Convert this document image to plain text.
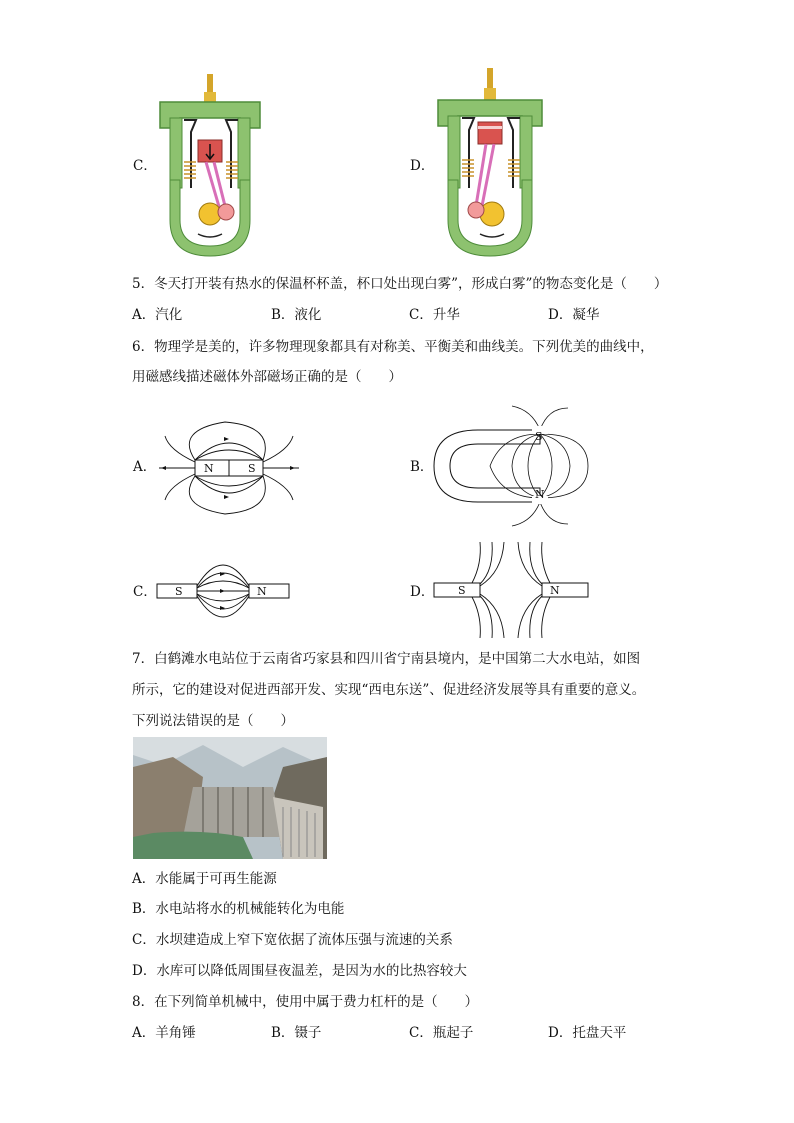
C．	D．
5．冬天打开装有热水的保温杯杯盖，杯口处出现白雾”，形成白雾”的物态变化是（　　）
A．汽化	B．液化	C．升华	D．凝华
6．物理学是美的，许多物理现象都具有对称美、平衡美和曲线美。下列优美的曲线中，
用磁感线描述磁体外部磁场正确的是（　　）
A．	N	S	B．
S
N
C． S	N	D． S	N
7．白鹤滩水电站位于云南省巧家县和四川省宁南县境内，是中国第二大水电站，如图
所示，它的建设对促进西部开发、实现“西电东送”、促进经济发展等具有重要的意义。
下列说法错误的是（　　）
A．水能属于可再生能源
B．水电站将水的机械能转化为电能
C．水坝建造成上窄下宽依据了流体压强与流速的关系
D．水库可以降低周围昼夜温差，是因为水的比热容较大
8．在下列简单机械中，使用中属于费力杠杆的是（　　）
A．羊角锤	B．镊子	C．瓶起子	D．托盘天平
